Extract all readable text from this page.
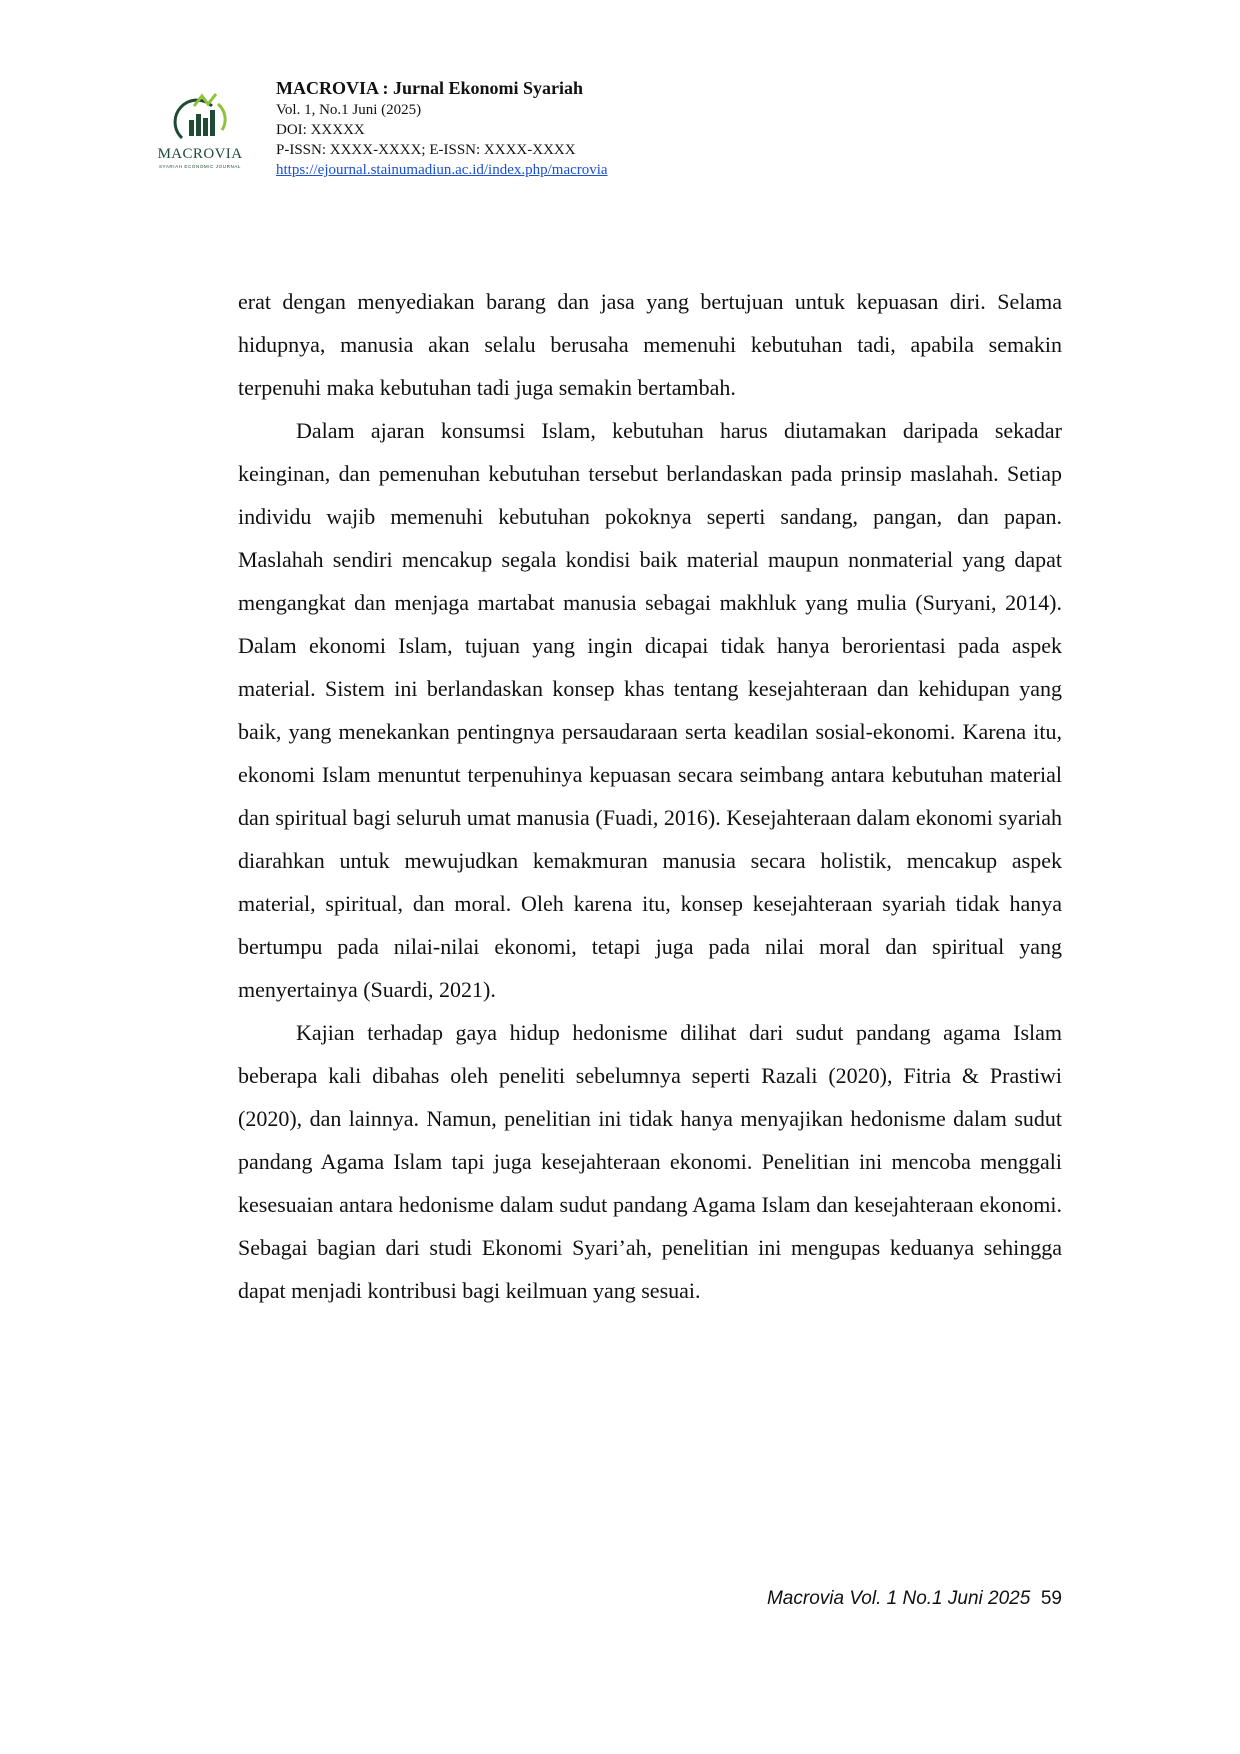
MACROVIA
SYARIAH ECONOMIC JOURNAL
MACROVIA : Jurnal Ekonomi Syariah
Vol. 1, No.1 Juni (2025)
DOI: XXXXX
P-ISSN: XXXX-XXXX; E-ISSN: XXXX-XXXX
https://ejournal.stainumadiun.ac.id/index.php/macrovia

erat dengan menyediakan barang dan jasa yang bertujuan untuk kepuasan diri. Selama hidupnya, manusia akan selalu berusaha memenuhi kebutuhan tadi, apabila semakin terpenuhi maka kebutuhan tadi juga semakin bertambah.

Dalam ajaran konsumsi Islam, kebutuhan harus diutamakan daripada sekadar keinginan, dan pemenuhan kebutuhan tersebut berlandaskan pada prinsip maslahah. Setiap individu wajib memenuhi kebutuhan pokoknya seperti sandang, pangan, dan papan. Maslahah sendiri mencakup segala kondisi baik material maupun nonmaterial yang dapat mengangkat dan menjaga martabat manusia sebagai makhluk yang mulia (Suryani, 2014). Dalam ekonomi Islam, tujuan yang ingin dicapai tidak hanya berorientasi pada aspek material. Sistem ini berlandaskan konsep khas tentang kesejahteraan dan kehidupan yang baik, yang menekankan pentingnya persaudaraan serta keadilan sosial-ekonomi. Karena itu, ekonomi Islam menuntut terpenuhinya kepuasan secara seimbang antara kebutuhan material dan spiritual bagi seluruh umat manusia (Fuadi, 2016). Kesejahteraan dalam ekonomi syariah diarahkan untuk mewujudkan kemakmuran manusia secara holistik, mencakup aspek material, spiritual, dan moral. Oleh karena itu, konsep kesejahteraan syariah tidak hanya bertumpu pada nilai-nilai ekonomi, tetapi juga pada nilai moral dan spiritual yang menyertainya (Suardi, 2021).

Kajian terhadap gaya hidup hedonisme dilihat dari sudut pandang agama Islam beberapa kali dibahas oleh peneliti sebelumnya seperti Razali (2020), Fitria & Prastiwi (2020), dan lainnya. Namun, penelitian ini tidak hanya menyajikan hedonisme dalam sudut pandang Agama Islam tapi juga kesejahteraan ekonomi. Penelitian ini mencoba menggali kesesuaian antara hedonisme dalam sudut pandang Agama Islam dan kesejahteraan ekonomi. Sebagai bagian dari studi Ekonomi Syari’ah, penelitian ini mengupas keduanya sehingga dapat menjadi kontribusi bagi keilmuan yang sesuai.

Macrovia Vol. 1 No.1 Juni 2025 59
